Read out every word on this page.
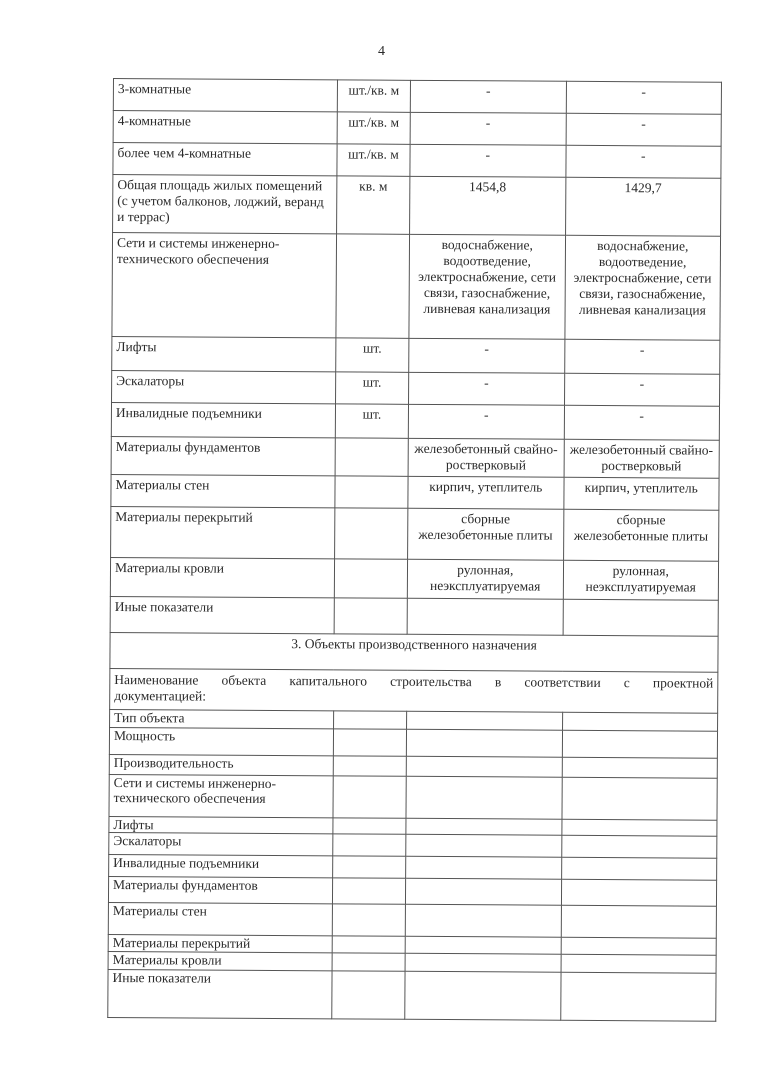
4
3-комнатные	шт./кв. м	-	-
4-комнатные	шт./кв. м	-	-
более чем 4-комнатные	шт./кв. м	-	-
Общая площадь жилых помещений (с учетом балконов, лоджий, веранд и террас)	кв. м	1454,8	1429,7
Сети и системы инженерно-технического обеспечения		водоснабжение, водоотведение, электроснабжение, сети связи, газоснабжение, ливневая канализация	водоснабжение, водоотведение, электроснабжение, сети связи, газоснабжение, ливневая канализация
Лифты	шт.	-	-
Эскалаторы	шт.	-	-
Инвалидные подъемники	шт.	-	-
Материалы фундаментов		железобетонный свайно-ростверковый	железобетонный свайно-ростверковый
Материалы стен		кирпич, утеплитель	кирпич, утеплитель
Материалы перекрытий		сборные железобетонные плиты	сборные железобетонные плиты
Материалы кровли		рулонная, неэксплуатируемая	рулонная, неэксплуатируемая
Иные показатели			
3. Объекты производственного назначения			

Наименование объекта капитального строительства в соответствии с проектной
документацией:			
Тип объекта			
Мощность			
Производительность			
Сети и системы инженерно-технического обеспечения			
Лифты			
Эскалаторы			
Инвалидные подъемники			
Материалы фундаментов			
Материалы стен			
Материалы перекрытий			
Материалы кровли			
Иные показатели			
